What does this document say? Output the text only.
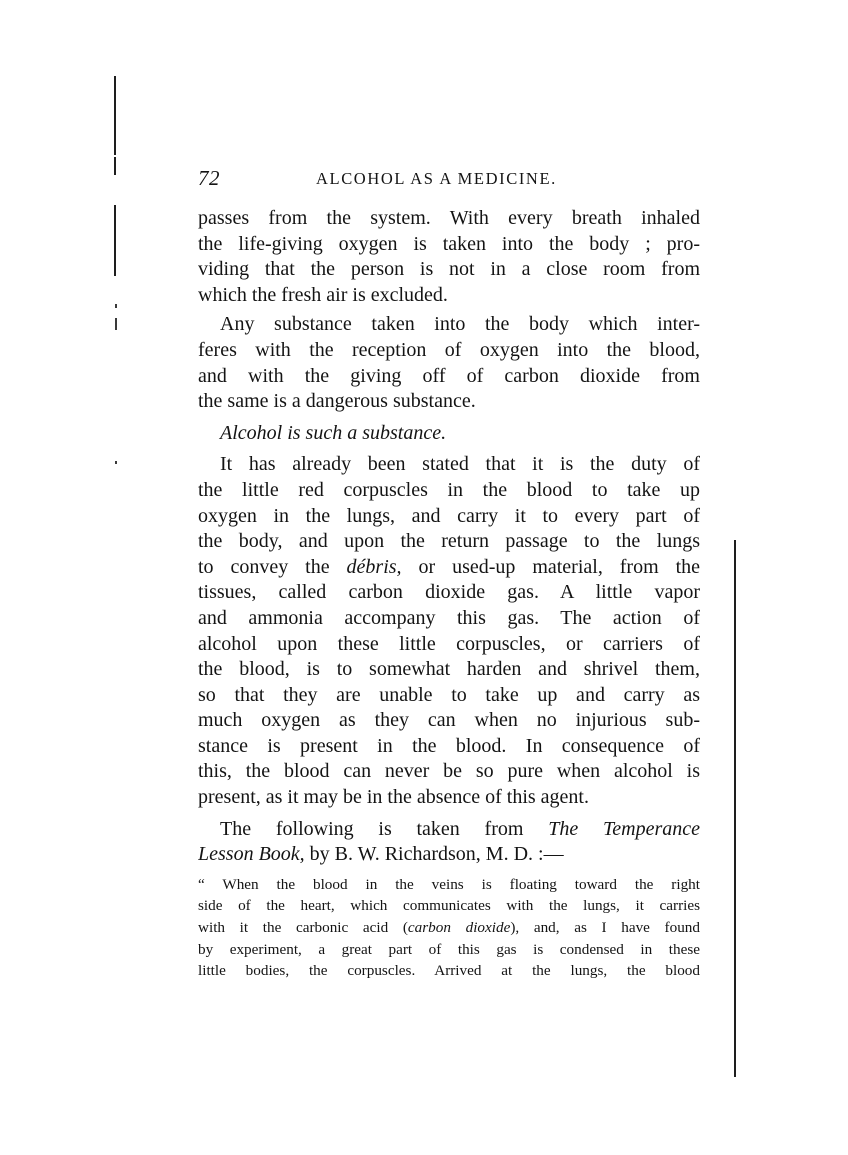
72	ALCOHOL AS A MEDICINE.
passes from the system. With every breath inhaled
the life-giving oxygen is taken into the body ; pro-
viding that the person is not in a close room from
which the fresh air is excluded.
Any substance taken into the body which inter-
feres with the reception of oxygen into the blood,
and with the giving off of carbon dioxide from
the same is a dangerous substance.
Alcohol is such a substance.
It has already been stated that it is the duty of
the little red corpuscles in the blood to take up
oxygen in the lungs, and carry it to every part of
the body, and upon the return passage to the lungs
to convey the débris, or used-up material, from the
tissues, called carbon dioxide gas. A little vapor
and ammonia accompany this gas. The action of
alcohol upon these little corpuscles, or carriers of
the blood, is to somewhat harden and shrivel them,
so that they are unable to take up and carry as
much oxygen as they can when no injurious sub-
stance is present in the blood. In consequence of
this, the blood can never be so pure when alcohol is
present, as it may be in the absence of this agent.
The following is taken from The Temperance
Lesson Book, by B. W. Richardson, M. D. :—
“ When the blood in the veins is floating toward the right
side of the heart, which communicates with the lungs, it carries
with it the carbonic acid (carbon dioxide), and, as I have found
by experiment, a great part of this gas is condensed in these
little bodies, the corpuscles. Arrived at the lungs, the blood
